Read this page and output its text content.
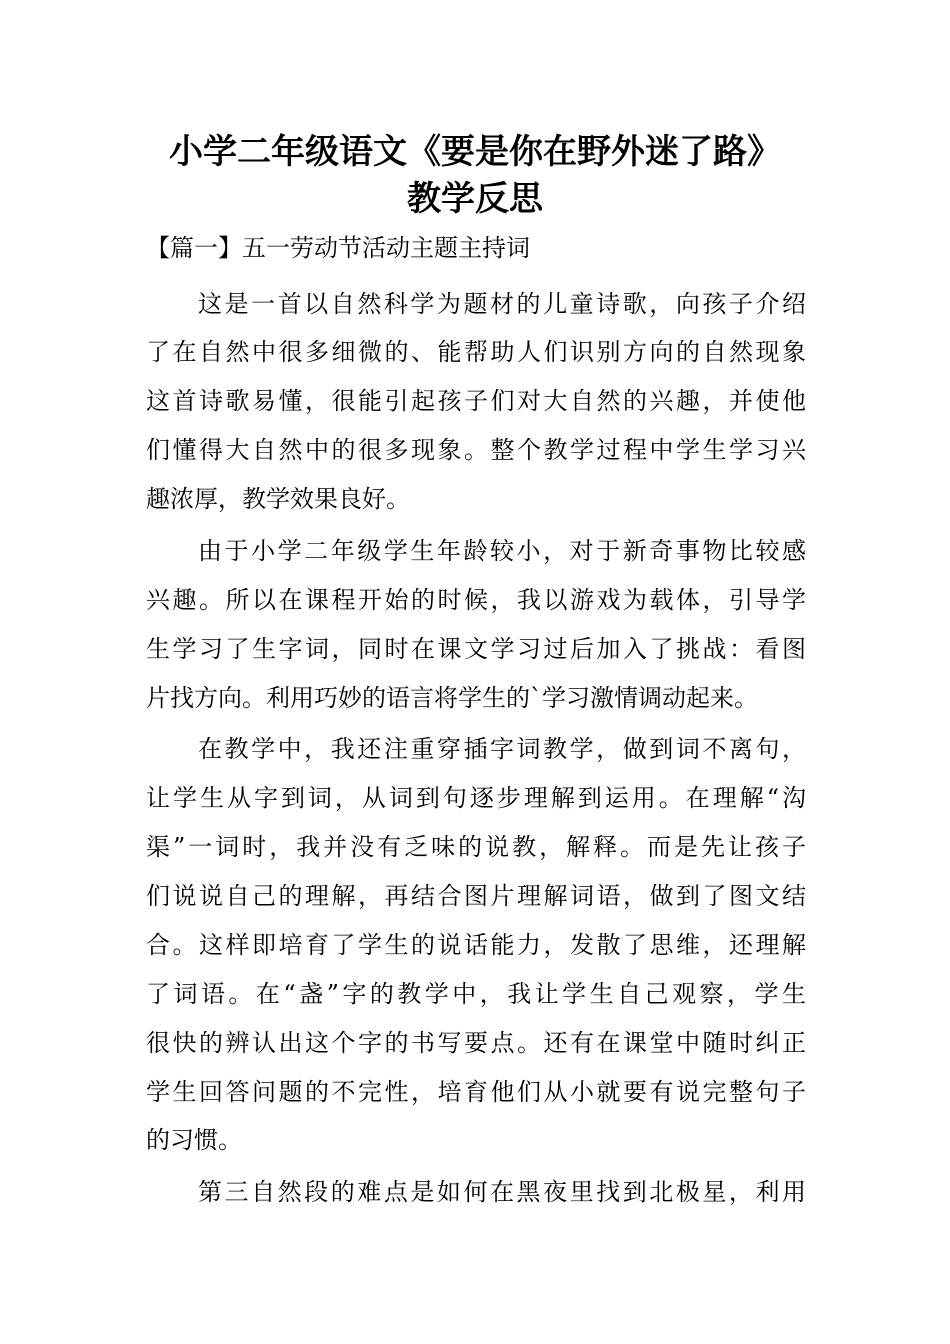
小学二年级语文《要是你在野外迷了路》
教学反思
【篇一】五一劳动节活动主题主持词
这是一首以自然科学为题材的儿童诗歌，向孩子介绍
了在自然中很多细微的、能帮助人们识别方向的自然现象
这首诗歌易懂，很能引起孩子们对大自然的兴趣，并使他
们懂得大自然中的很多现象。整个教学过程中学生学习兴
趣浓厚，教学效果良好。
由于小学二年级学生年龄较小，对于新奇事物比较感
兴趣。所以在课程开始的时候，我以游戏为载体，引导学
生学习了生字词，同时在课文学习过后加入了挑战：看图
片找方向。利用巧妙的语言将学生的`学习激情调动起来。
在教学中，我还注重穿插字词教学，做到词不离句，
让学生从字到词，从词到句逐步理解到运用。在理解“沟
渠”一词时，我并没有乏味的说教，解释。而是先让孩子
们说说自己的理解，再结合图片理解词语，做到了图文结
合。这样即培育了学生的说话能力，发散了思维，还理解
了词语。在“盏”字的教学中，我让学生自己观察，学生
很快的辨认出这个字的书写要点。还有在课堂中随时纠正
学生回答问题的不完性，培育他们从小就要有说完整句子
的习惯。
第三自然段的难点是如何在黑夜里找到北极星，利用
